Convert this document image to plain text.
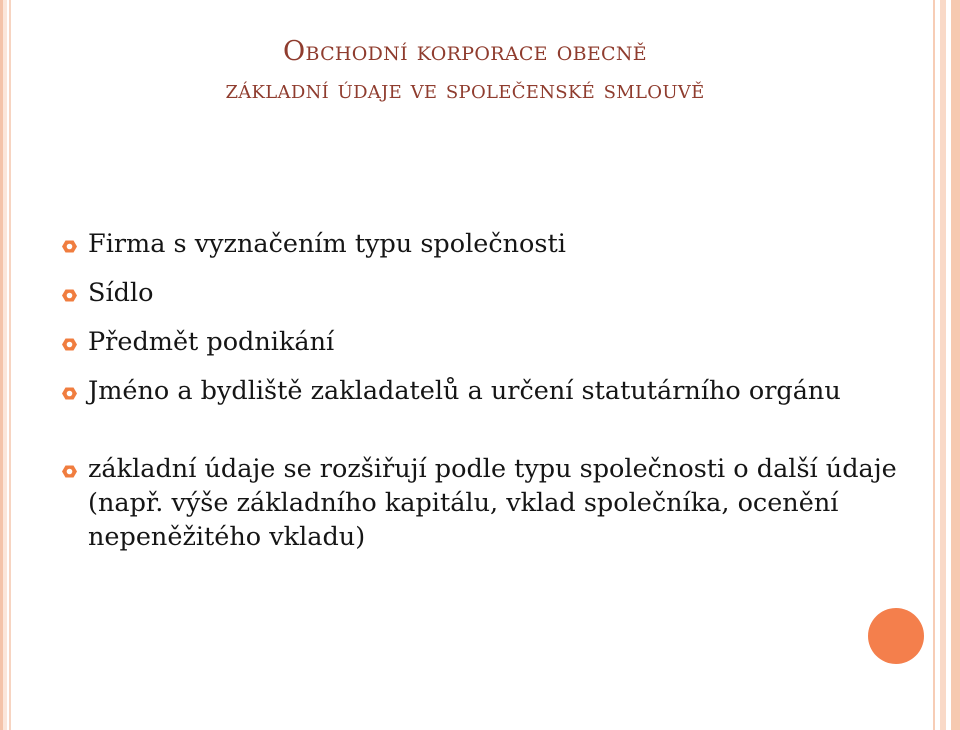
Obchodní korporace obecně
základní údaje ve společenské smlouvě
Firma s vyznačením typu společnosti
Sídlo
Předmět podnikání
Jméno a bydliště zakladatelů a určení statutárního orgánu
základní údaje se rozšiřují podle typu společnosti o další údaje (např. výše základního kapitálu, vklad společníka, ocenění nepeněžitého vkladu)
